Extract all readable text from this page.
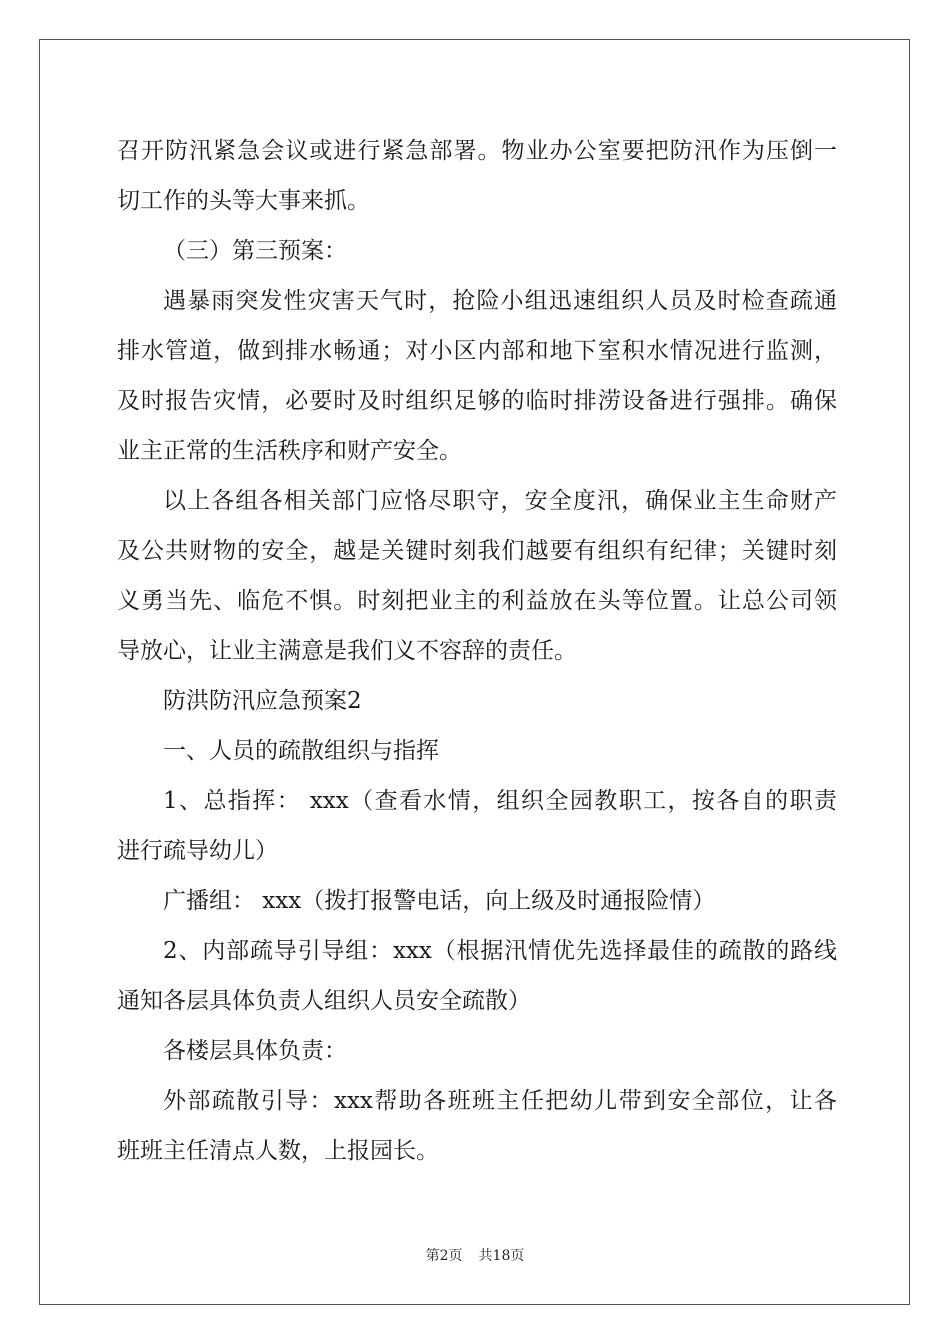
召开防汛紧急会议或进行紧急部署。物业办公室要把防汛作为压倒一
切工作的头等大事来抓。
（三）第三预案：
遇暴雨突发性灾害天气时，抢险小组迅速组织人员及时检查疏通
排水管道，做到排水畅通；对小区内部和地下室积水情况进行监测，
及时报告灾情，必要时及时组织足够的临时排涝设备进行强排。确保
业主正常的生活秩序和财产安全。
以上各组各相关部门应恪尽职守，安全度汛，确保业主生命财产
及公共财物的安全，越是关键时刻我们越要有组织有纪律；关键时刻
义勇当先、临危不惧。时刻把业主的利益放在头等位置。让总公司领
导放心，让业主满意是我们义不容辞的责任。
防洪防汛应急预案2
一、人员的疏散组织与指挥
1、总指挥： xxx（查看水情，组织全园教职工，按各自的职责
进行疏导幼儿）
广播组： xxx（拨打报警电话，向上级及时通报险情）
2、内部疏导引导组：xxx（根据汛情优先选择最佳的疏散的路线
通知各层具体负责人组织人员安全疏散）
各楼层具体负责：
外部疏散引导：xxx帮助各班班主任把幼儿带到安全部位，让各
班班主任清点人数，上报园长。
第2页 共18页
